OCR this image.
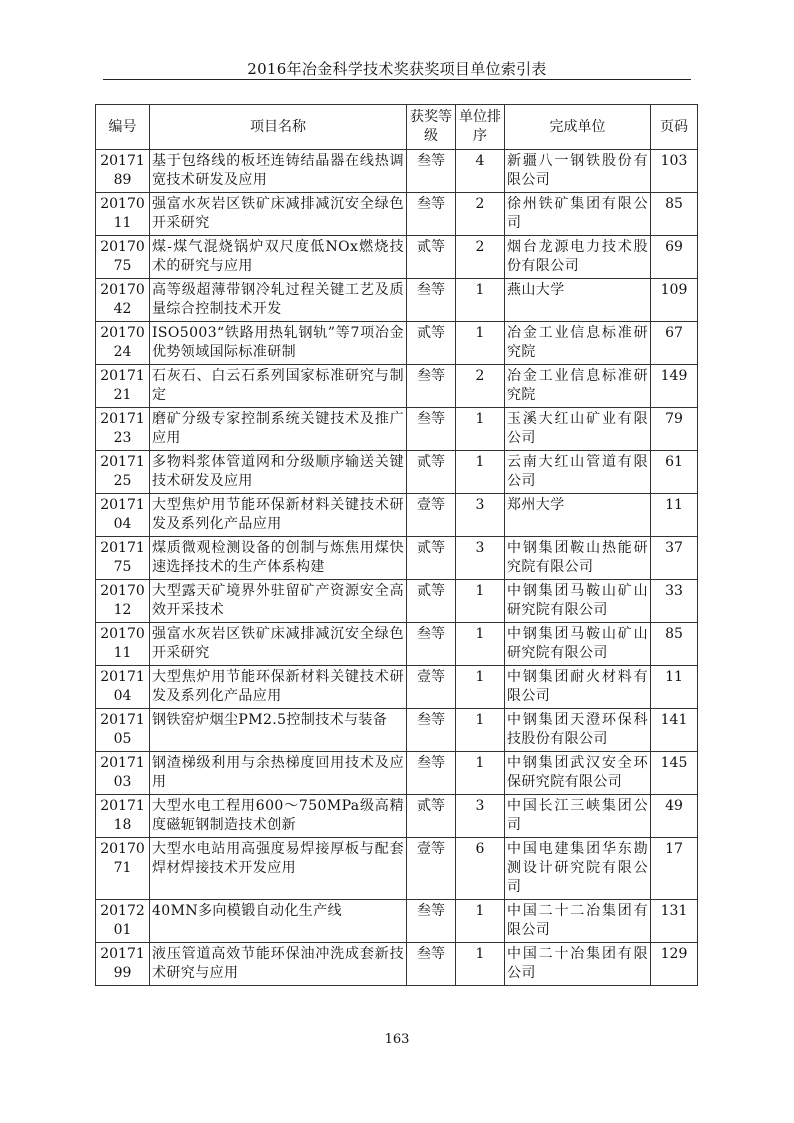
2016年冶金科学技术奖获奖项目单位索引表
编号	项目名称	获奖等级	单位排序	完成单位	页码
2017189	基于包络线的板坯连铸结晶器在线热调宽技术研发及应用	叁等	4	新疆八一钢铁股份有限公司	103
2017011	强富水灰岩区铁矿床减排减沉安全绿色开采研究	叁等	2	徐州铁矿集团有限公司	85
2017075	煤-煤气混烧锅炉双尺度低NOx燃烧技术的研究与应用	贰等	2	烟台龙源电力技术股份有限公司	69
2017042	高等级超薄带钢冷轧过程关键工艺及质量综合控制技术开发	叁等	1	燕山大学	109
2017024	ISO5003“铁路用热轧钢轨”等7项冶金优势领域国际标准研制	贰等	1	冶金工业信息标准研究院	67
2017121	石灰石、白云石系列国家标准研究与制定	叁等	2	冶金工业信息标准研究院	149
2017123	磨矿分级专家控制系统关键技术及推广应用	叁等	1	玉溪大红山矿业有限公司	79
2017125	多物料浆体管道网和分级顺序输送关键技术研发及应用	贰等	1	云南大红山管道有限公司	61
2017104	大型焦炉用节能环保新材料关键技术研发及系列化产品应用	壹等	3	郑州大学	11
2017175	煤质微观检测设备的创制与炼焦用煤快速选择技术的生产体系构建	贰等	3	中钢集团鞍山热能研究院有限公司	37
2017012	大型露天矿境界外驻留矿产资源安全高效开采技术	贰等	1	中钢集团马鞍山矿山研究院有限公司	33
2017011	强富水灰岩区铁矿床减排减沉安全绿色开采研究	叁等	1	中钢集团马鞍山矿山研究院有限公司	85
2017104	大型焦炉用节能环保新材料关键技术研发及系列化产品应用	壹等	1	中钢集团耐火材料有限公司	11
2017105	钢铁窑炉烟尘PM2.5控制技术与装备	叁等	1	中钢集团天澄环保科技股份有限公司	141
2017103	钢渣梯级利用与余热梯度回用技术及应用	叁等	1	中钢集团武汉安全环保研究院有限公司	145
2017118	大型水电工程用600～750MPa级高精度磁轭钢制造技术创新	贰等	3	中国长江三峡集团公司	49
2017071	大型水电站用高强度易焊接厚板与配套焊材焊接技术开发应用	壹等	6	中国电建集团华东勘测设计研究院有限公司	17
2017201	40MN多向模锻自动化生产线	叁等	1	中国二十二冶集团有限公司	131
2017199	液压管道高效节能环保油冲洗成套新技术研究与应用	叁等	1	中国二十冶集团有限公司	129
163
